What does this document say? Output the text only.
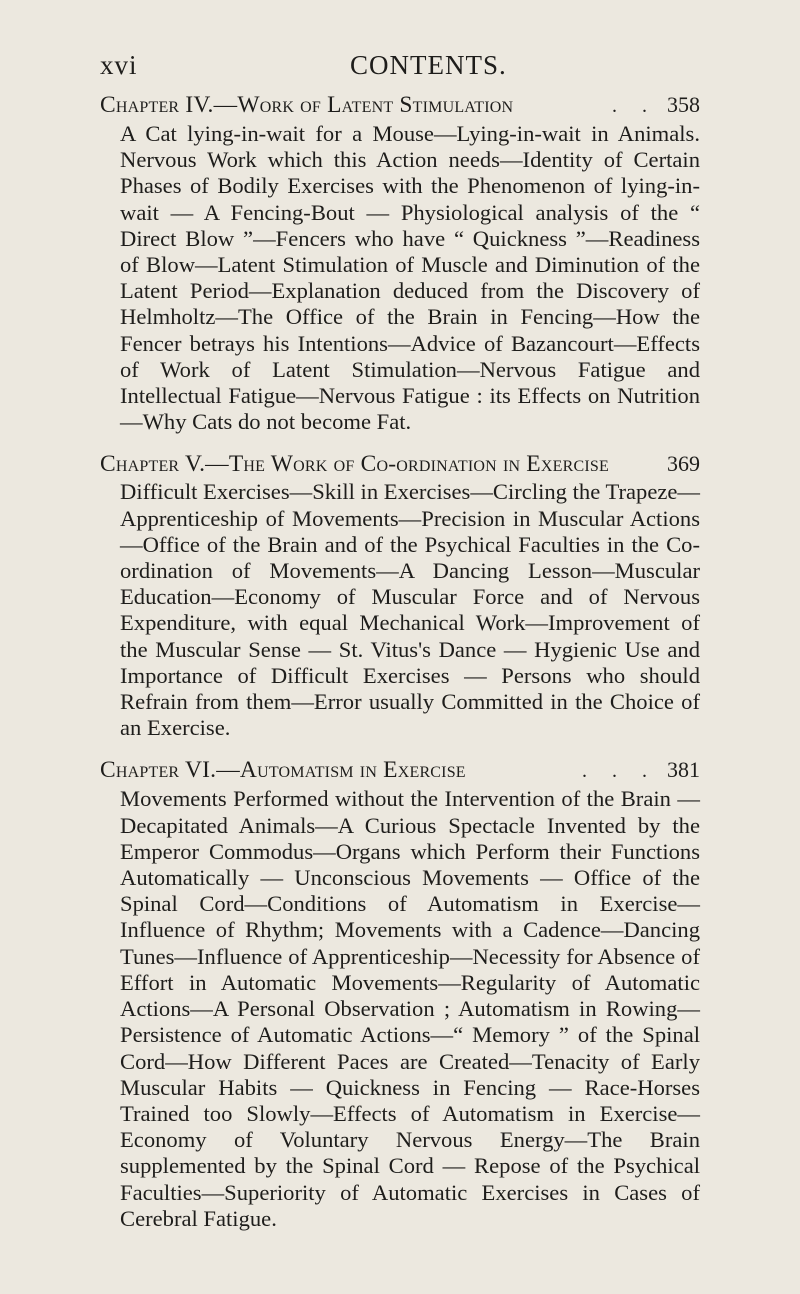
xvi	CONTENTS.
Chapter IV.—Work of Latent Stimulation	. . 358

A Cat lying-in-wait for a Mouse—Lying-in-wait in Animals. Nervous Work which this Action needs—Identity of Certain Phases of Bodily Exercises with the Phenomenon of lying-in-wait — A Fencing-Bout — Physiological analysis of the “ Direct Blow ”—Fencers who have “ Quickness ”—Readiness of Blow—Latent Stimulation of Muscle and Diminution of the Latent Period—Explanation deduced from the Discovery of Helmholtz—The Office of the Brain in Fencing—How the Fencer betrays his Intentions—Advice of Bazancourt—Effects of Work of Latent Stimulation—Nervous Fatigue and Intellectual Fatigue—Nervous Fatigue : its Effects on Nutrition—Why Cats do not become Fat.

Chapter V.—The Work of Co-ordination in Exercise	369

Difficult Exercises—Skill in Exercises—Circling the Trapeze—Apprenticeship of Movements—Precision in Muscular Actions —Office of the Brain and of the Psychical Faculties in the Co-ordination of Movements—A Dancing Lesson—Muscular Education—Economy of Muscular Force and of Nervous Expenditure, with equal Mechanical Work—Improvement of the Muscular Sense — St. Vitus's Dance — Hygienic Use and Importance of Difficult Exercises — Persons who should Refrain from them—Error usually Committed in the Choice of an Exercise.

Chapter VI.—Automatism in Exercise	. . . 381

Movements Performed without the Intervention of the Brain — Decapitated Animals—A Curious Spectacle Invented by the Emperor Commodus—Organs which Perform their Functions Automatically — Unconscious Movements — Office of the Spinal Cord—Conditions of Automatism in Exercise—Influence of Rhythm; Movements with a Cadence—Dancing Tunes—Influence of Apprenticeship—Necessity for Absence of Effort in Automatic Movements—Regularity of Automatic Actions—A Personal Observation ; Automatism in Rowing—Persistence of Automatic Actions—“ Memory ” of the Spinal Cord—How Different Paces are Created—Tenacity of Early Muscular Habits — Quickness in Fencing — Race-Horses Trained too Slowly—Effects of Automatism in Exercise—Economy of Voluntary Nervous Energy—The Brain supplemented by the Spinal Cord — Repose of the Psychical Faculties—Superiority of Automatic Exercises in Cases of Cerebral Fatigue.
